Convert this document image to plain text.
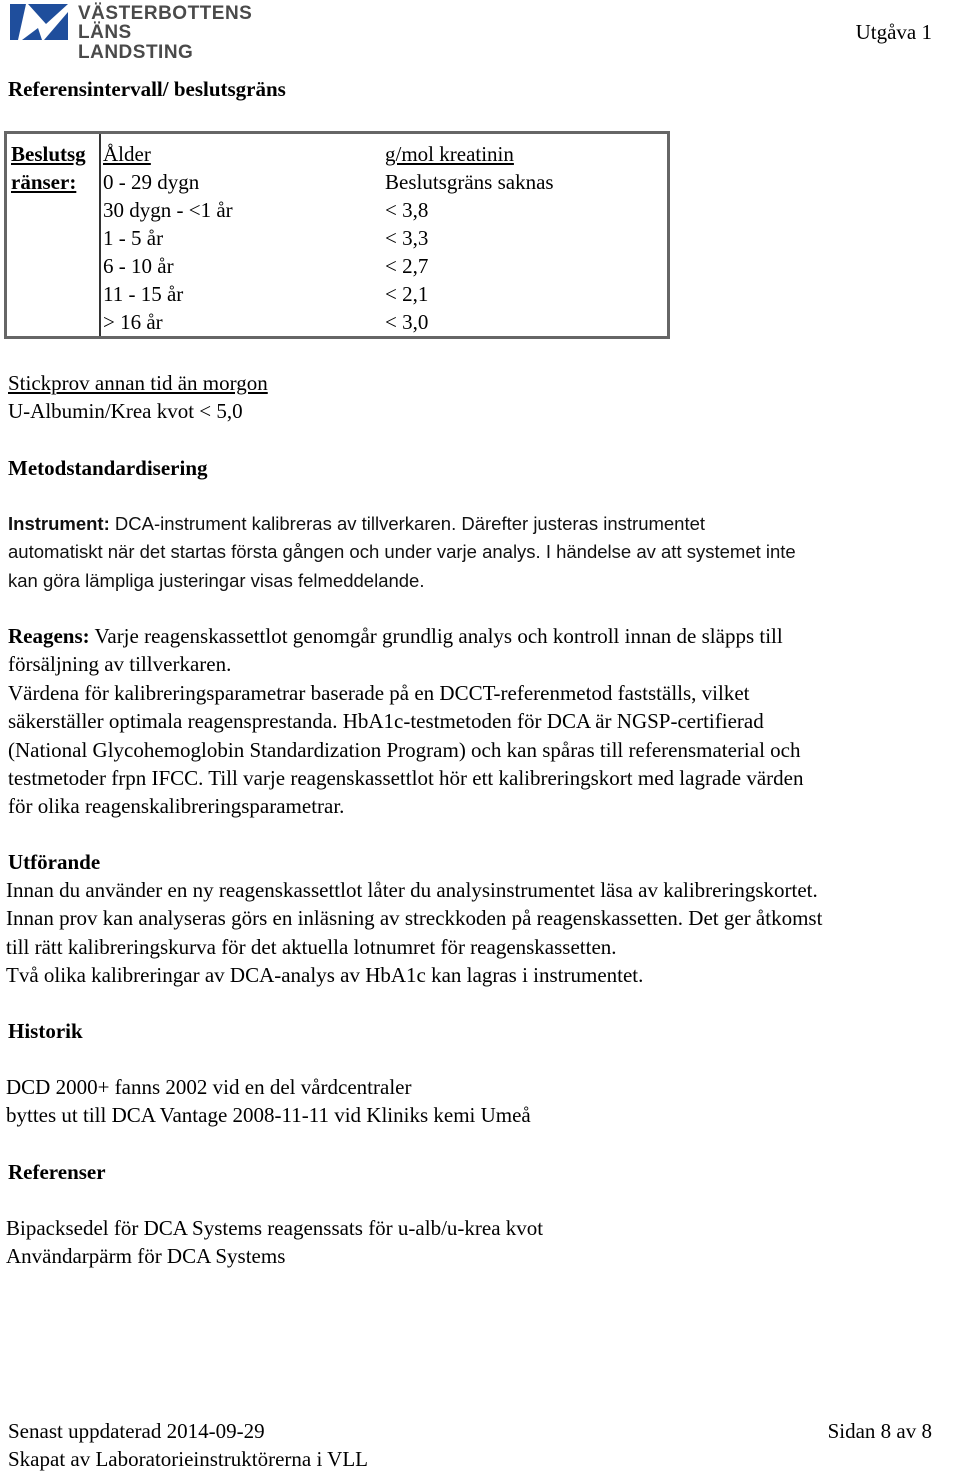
VÄSTERBOTTENS
LÄNS LANDSTING
Utgåva 1
Referensintervall/ beslutsgräns
Beslutsg
ränser:
Ålder	g/mol kreatinin
0 - 29 dygn	Beslutsgräns saknas
30 dygn - <1 år	< 3,8
1 - 5 år	< 3,3
6 - 10 år	< 2,7
11 - 15 år	< 2,1
> 16 år	< 3,0
Stickprov annan tid än morgon
U-Albumin/Krea kvot < 5,0
Metodstandardisering
Instrument: DCA-instrument kalibreras av tillverkaren. Därefter justeras instrumentet
automatiskt när det startas första gången och under varje analys. I händelse av att systemet inte
kan göra lämpliga justeringar visas felmeddelande.
Reagens: Varje reagenskassettlot genomgår grundlig analys och kontroll innan de släpps till
försäljning av tillverkaren.
Värdena för kalibreringsparametrar baserade på en DCCT-referenmetod fastställs, vilket
säkerställer optimala reagensprestanda. HbA1c-testmetoden för DCA är NGSP-certifierad
(National Glycohemoglobin Standardization Program) och kan spåras till referensmaterial och
testmetoder frpn IFCC. Till varje reagenskassettlot hör ett kalibreringskort med lagrade värden
för olika reagenskalibreringsparametrar.
Utförande
Innan du använder en ny reagenskassettlot låter du analysinstrumentet läsa av kalibreringskortet.
Innan prov kan analyseras görs en inläsning av streckkoden på reagenskassetten. Det ger åtkomst
till rätt kalibreringskurva för det aktuella lotnumret för reagenskassetten.
Två olika kalibreringar av DCA-analys av HbA1c kan lagras i instrumentet.
Historik
DCD 2000+ fanns 2002 vid en del vårdcentraler
byttes ut till DCA Vantage 2008-11-11 vid Kliniks kemi Umeå
Referenser
Bipacksedel för DCA Systems reagenssats för u-alb/u-krea kvot
Användarpärm för DCA Systems
Senast uppdaterad 2014-09-29
Skapat av Laboratorieinstruktörerna i VLL
Sidan 8 av 8
